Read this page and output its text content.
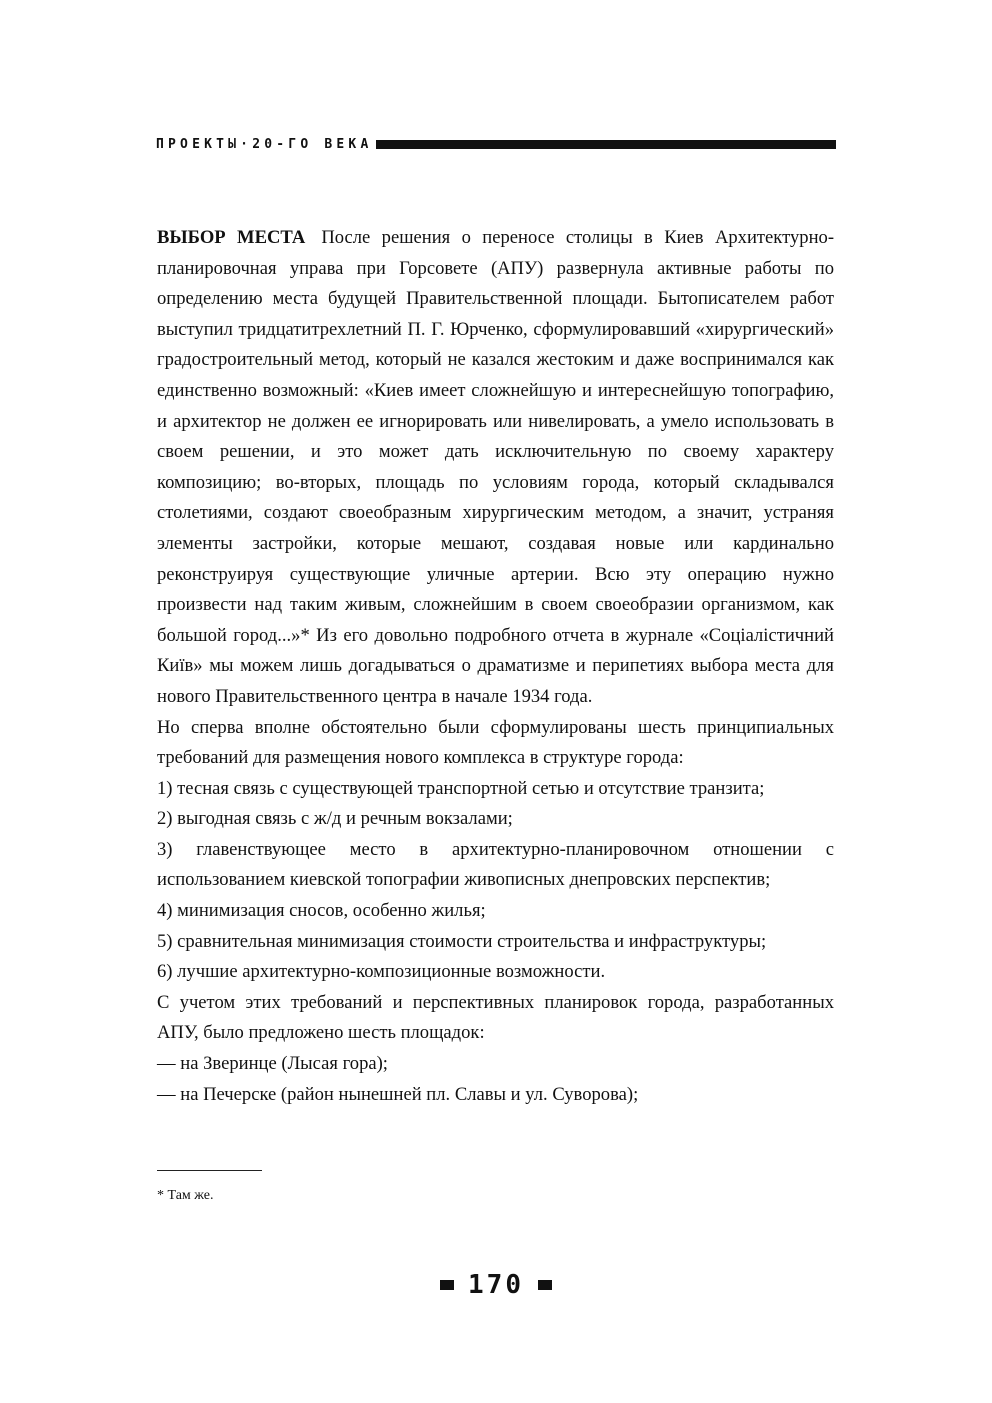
ПРОЕКТЫ·20-ГО ВЕКА

ВЫБОР МЕСТА После решения о переносе столицы в Киев Архитектурно-планировочная управа при Горсовете (АПУ) развернула активные работы по определению места будущей Правительственной площади. Бытописателем работ выступил тридцатитрехлетний П. Г. Юрченко, сформулировавший «хирургический» градостроительный метод, который не казался жестоким и даже воспринимался как единственно возможный: «Киев имеет сложнейшую и интереснейшую топографию, и архитектор не должен ее игнорировать или нивелировать, а умело использовать в своем решении, и это может дать исключительную по своему характеру композицию; во-вторых, площадь по условиям города, который складывался столетиями, создают своеобразным хирургическим методом, а значит, устраняя элементы застройки, которые мешают, создавая новые или кардинально реконструируя существующие уличные артерии. Всю эту операцию нужно произвести над таким живым, сложнейшим в своем своеобразии организмом, как большой город...»* Из его довольно подробного отчета в журнале «Соціалістичний Київ» мы можем лишь догадываться о драматизме и перипетиях выбора места для нового Правительственного центра в начале 1934 года.

Но сперва вполне обстоятельно были сформулированы шесть принципиальных требований для размещения нового комплекса в структуре города:

1) тесная связь с существующей транспортной сетью и отсутствие транзита;

2) выгодная связь с ж/д и речным вокзалами;

3) главенствующее место в архитектурно-планировочном отношении с использованием киевской топографии живописных днепровских перспектив;

4) минимизация сносов, особенно жилья;

5) сравнительная минимизация стоимости строительства и инфраструктуры;

6) лучшие архитектурно-композиционные возможности.

С учетом этих требований и перспективных планировок города, разработанных АПУ, было предложено шесть площадок:

— на Зверинце (Лысая гора);

— на Печерске (район нынешней пл. Славы и ул. Суворова);

* Там же.
170
